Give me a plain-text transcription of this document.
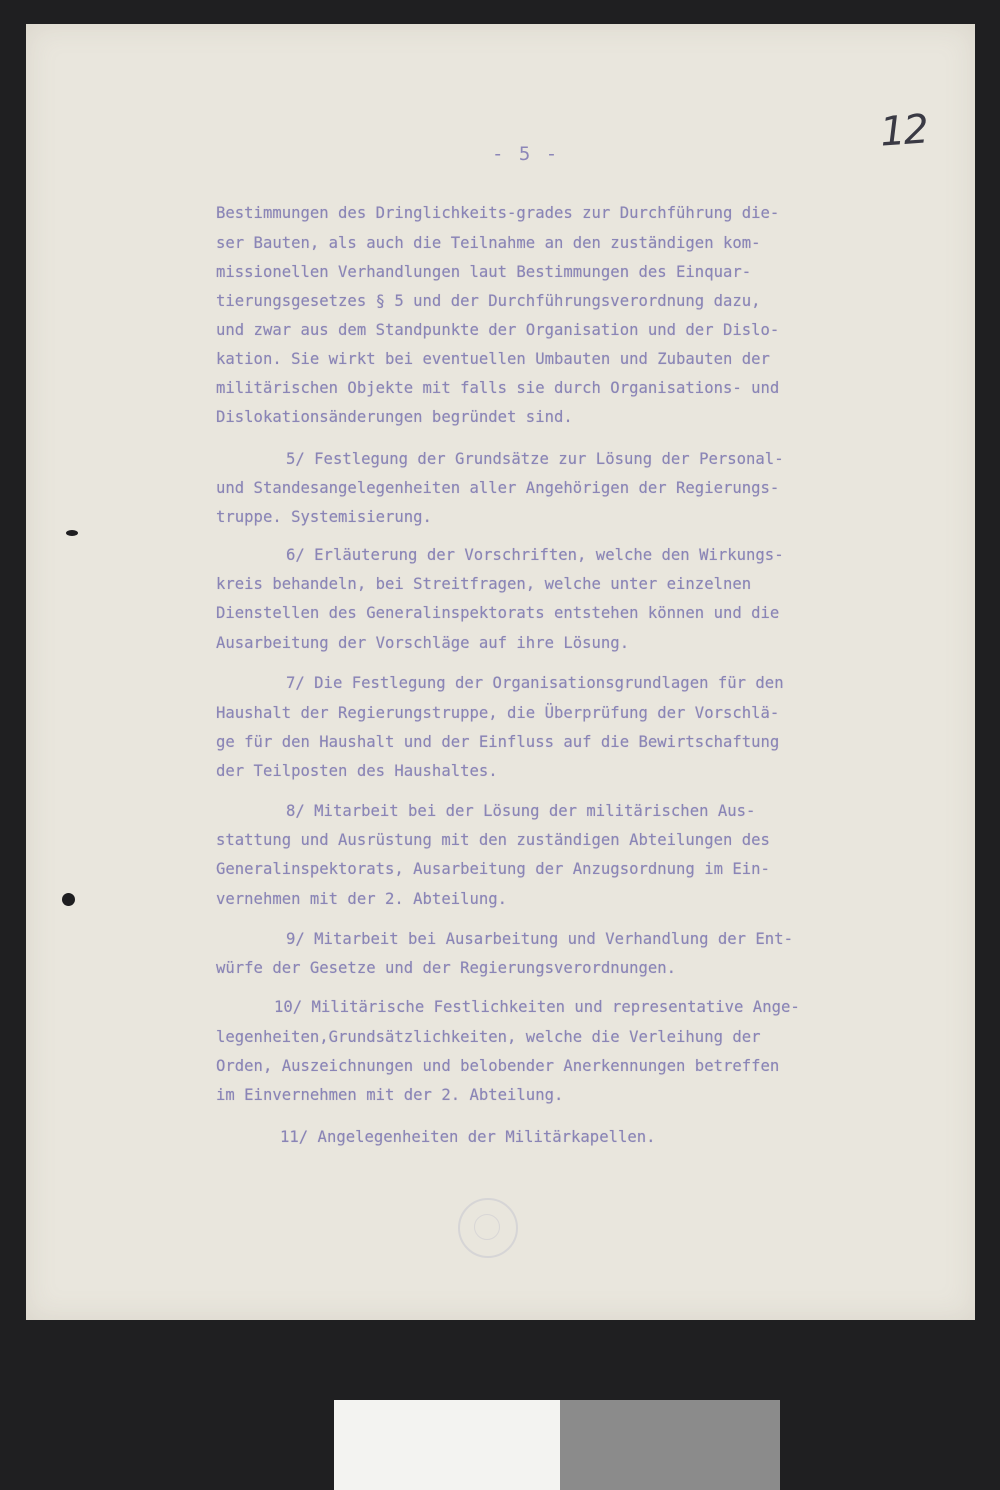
12
- 5 -
Bestimmungen des Dringlichkeits-grades zur Durchführung die-
ser Bauten, als auch die Teilnahme an den zuständigen kom-
missionellen Verhandlungen laut Bestimmungen des Einquar-
tierungsgesetzes § 5 und der Durchführungsverordnung dazu,
und zwar aus dem Standpunkte der Organisation und der Dislo-
kation. Sie wirkt bei eventuellen Umbauten und Zubauten der
militärischen Objekte mit falls sie durch Organisations- und
Dislokationsänderungen begründet sind.
5/ Festlegung der Grundsätze zur Lösung der Personal-
und Standesangelegenheiten aller Angehörigen der Regierungs-
truppe. Systemisierung.
6/ Erläuterung der Vorschriften, welche den Wirkungs-
kreis behandeln, bei Streitfragen, welche unter einzelnen
Dienstellen des Generalinspektorats entstehen können und die
Ausarbeitung der Vorschläge auf ihre Lösung.
7/ Die Festlegung der Organisationsgrundlagen für den
Haushalt der Regierungstruppe, die Überprüfung der Vorschlä-
ge für den Haushalt und der Einfluss auf die Bewirtschaftung
der Teilposten des Haushaltes.
8/ Mitarbeit bei der Lösung der militärischen Aus-
stattung und Ausrüstung mit den zuständigen Abteilungen des
Generalinspektorats, Ausarbeitung der Anzugsordnung im Ein-
vernehmen mit der 2. Abteilung.
9/ Mitarbeit bei Ausarbeitung und Verhandlung der Ent-
würfe der Gesetze und der Regierungsverordnungen.
10/ Militärische Festlichkeiten und representative Ange-
legenheiten,Grundsätzlichkeiten, welche die Verleihung der
Orden, Auszeichnungen und belobender Anerkennungen betreffen
im Einvernehmen mit der 2. Abteilung.
11/ Angelegenheiten der Militärkapellen.
